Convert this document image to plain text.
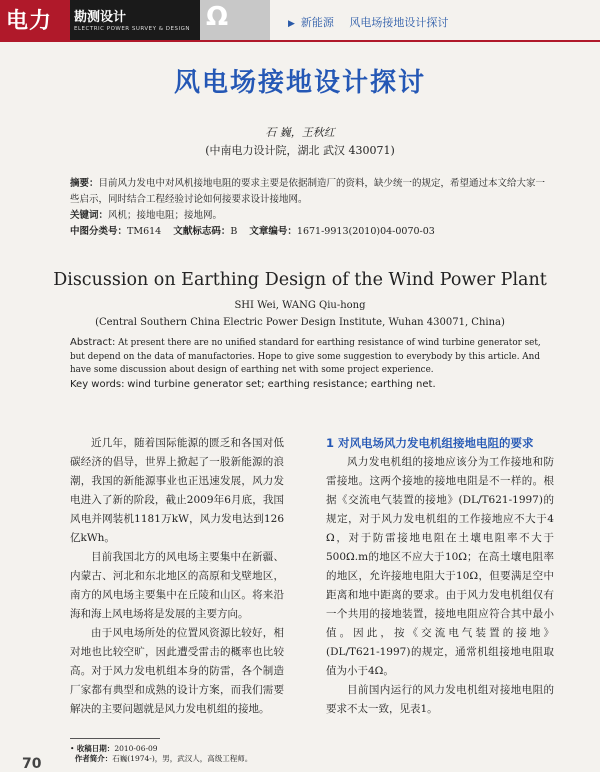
电力 勘测设计
ELECTRIC POWER SURVEY & DESIGN Ω	▶ 新能源 风电场接地设计探讨
风电场接地设计探讨
石 巍，王秋红
(中南电力设计院，湖北 武汉 430071)
摘要：目前风力发电中对风机接地电阻的要求主要是依据制造厂的资料，缺少统一的规定，希望通过本文给大家一些启示，同时结合工程经验讨论如何接要求设计接地网。
关键词：风机；接地电阻；接地网。
中图分类号：TM614 文献标志码：B 文章编号：1671-9913(2010)04-0070-03
Discussion on Earthing Design of the Wind Power Plant
SHI Wei, WANG Qiu-hong
(Central Southern China Electric Power Design Institute, Wuhan 430071, China)
Abstract: At present there are no unified standard for earthing resistance of wind turbine generator set, but depend on the data of manufactories. Hope to give some suggestion to everybody by this article. And have some discussion about design of earthing net with some project experience.
Key words: wind turbine generator set; earthing resistance; earthing net.

近几年，随着国际能源的匮乏和各国对低碳经济的倡导，世界上掀起了一股新能源的浪潮，我国的新能源事业也正迅速发展，风力发电进入了新的阶段，截止2009年6月底，我国风电并网装机1181万kW，风力发电达到126亿kWh。

目前我国北方的风电场主要集中在新疆、内蒙古、河北和东北地区的高原和戈壁地区，南方的风电场主要集中在丘陵和山区。将来沿海和海上风电场将是发展的主要方向。

由于风电场所处的位置风资源比较好，相对地也比较空旷，因此遭受雷击的概率也比较高。对于风力发电机组本身的防雷，各个制造厂家都有典型和成熟的设计方案，而我们需要解决的主要问题就是风力发电机组的接地。

1 对风电场风力发电机组接地电阻的要求

风力发电机组的接地应该分为工作接地和防雷接地。这两个接地的接地电阻是不一样的。根据《交流电气装置的接地》(DL/T621-1997)的规定，对于风力发电机组的工作接地应不大于4 Ω，对于防雷接地电阻在土壤电阻率不大于500Ω.m的地区不应大于10Ω；在高土壤电阻率的地区，允许接地电阻大于10Ω，但要满足空中距离和地中距离的要求。由于风力发电机组仅有一个共用的接地装置，接地电阻应符合其中最小值。因此，按《交流电气装置的接地》(DL/T621-1997)的规定，通常机组接地电阻取值为小于4Ω。

目前国内运行的风力发电机组对接地电阻的要求不太一致，见表1。

• 收稿日期：2010-06-09
作者简介：石巍(1974-)，男，武汉人，高级工程师。
70
